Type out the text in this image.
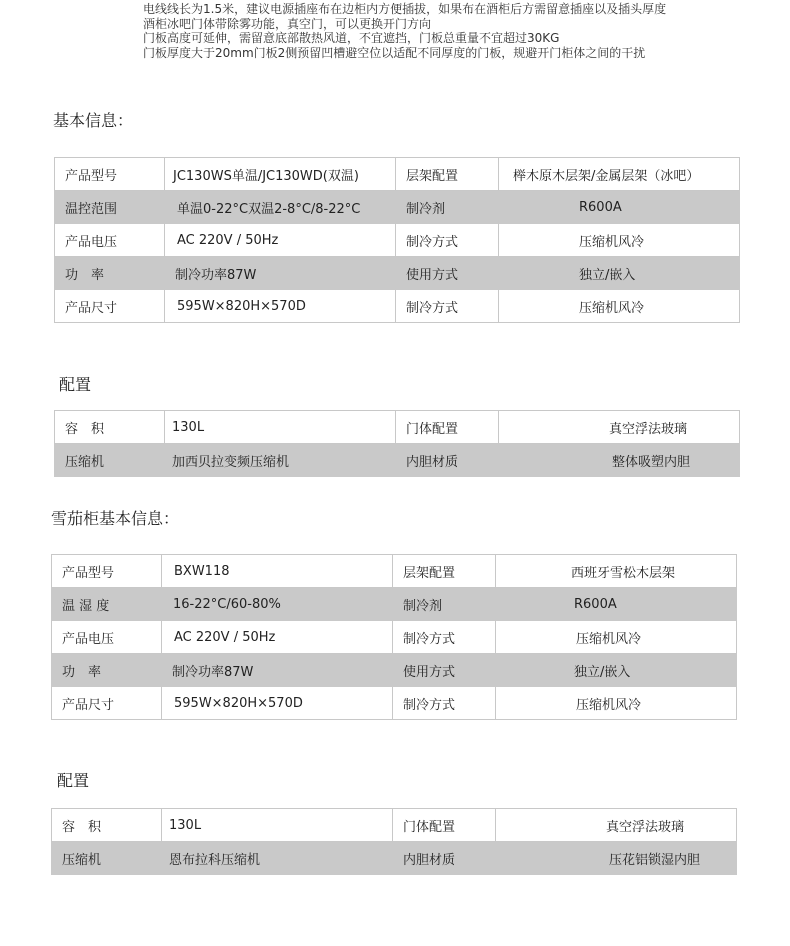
电线线长为1.5米，建议电源插座布在边柜内方便插拔，如果布在酒柜后方需留意插座以及插头厚度
酒柜冰吧门体带除雾功能，真空门，可以更换开门方向
门板高度可延伸，需留意底部散热风道，不宜遮挡，门板总重量不宜超过30KG
门板厚度大于20mm门板2侧预留凹槽避空位以适配不同厚度的门板，规避开门柜体之间的干扰
基本信息：
产品型号	JC130WS单温/JC130WD(双温)	层架配置	榉木原木层架/金属层架（冰吧）
温控范围	单温0-22°C双温2-8°C/8-22°C	制冷剂	R600A
产品电压	AC 220V / 50Hz	制冷方式	压缩机风冷
功　率	制冷功率87W	使用方式	独立/嵌入
产品尺寸	595W×820H×570D	制冷方式	压缩机风冷
配置
容　积	130L	门体配置	真空浮法玻璃
压缩机	加西贝拉变频压缩机	内胆材质	整体吸塑内胆
雪茄柜基本信息：
产品型号	BXW118	层架配置	西班牙雪松木层架
温 湿 度	16-22°C/60-80%	制冷剂	R600A
产品电压	AC 220V / 50Hz	制冷方式	压缩机风冷
功　率	制冷功率87W	使用方式	独立/嵌入
产品尺寸	595W×820H×570D	制冷方式	压缩机风冷
配置
容　积	130L	门体配置	真空浮法玻璃
压缩机	恩布拉科压缩机	内胆材质	压花铝锁湿内胆
